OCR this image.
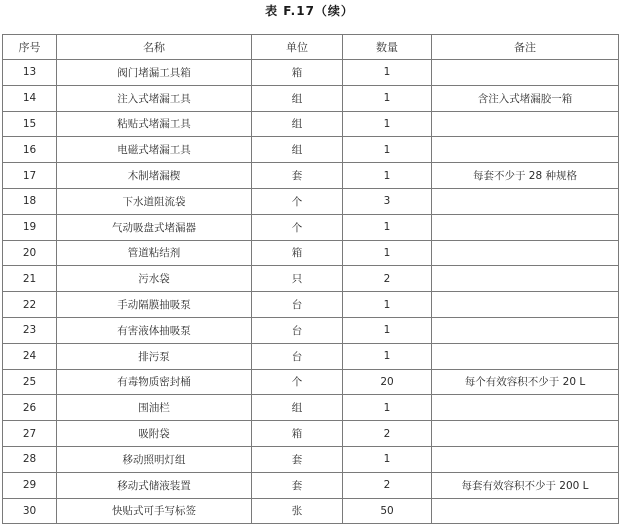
表 F.17（续）
序号	名称	单位	数量	备注
13	阀门堵漏工具箱	箱	1	
14	注入式堵漏工具	组	1	含注入式堵漏胶一箱
15	粘贴式堵漏工具	组	1	
16	电磁式堵漏工具	组	1	
17	木制堵漏楔	套	1	每套不少于 28 种规格
18	下水道阻流袋	个	3	
19	气动吸盘式堵漏器	个	1	
20	管道粘结剂	箱	1	
21	污水袋	只	2	
22	手动隔膜抽吸泵	台	1	
23	有害液体抽吸泵	台	1	
24	排污泵	台	1	
25	有毒物质密封桶	个	20	每个有效容积不少于 20 L
26	围油栏	组	1	
27	吸附袋	箱	2	
28	移动照明灯组	套	1	
29	移动式储液装置	套	2	每套有效容积不少于 200 L
30	快贴式可手写标签	张	50	
